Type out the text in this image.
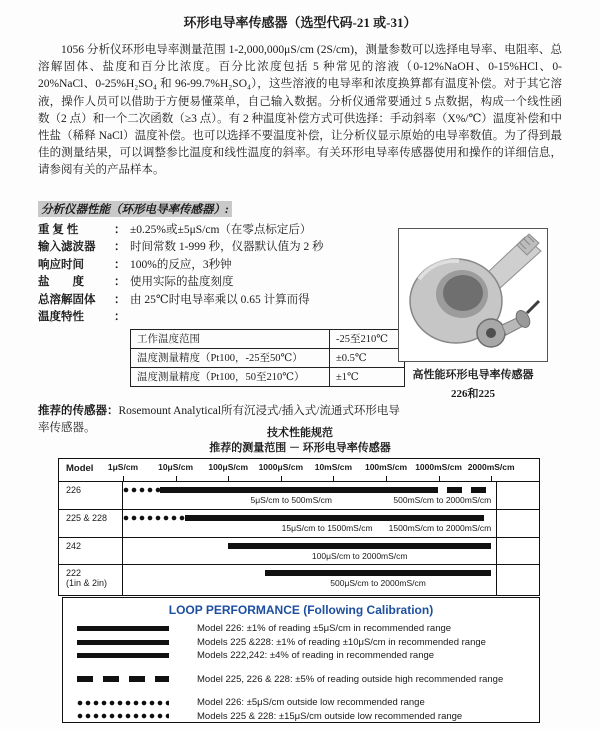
环形电导率传感器（选型代码-21 或-31）

1056 分析仪环形电导率测量范围 1-2,000,000μS/cm (2S/cm)，测量参数可以选择电导率、电阻率、总溶解固体、盐度和百分比浓度。百分比浓度包括 5 种常见的溶液（0-12%NaOH、0-15%HCl、0-20%NaCl、0-25%H₂SO₄ 和 96-99.7%H₂SO₄），这些溶液的电导率和浓度换算都有温度补偿。对于其它溶液，操作人员可以借助于方便易懂菜单，自己输入数据。分析仪通常要通过 5 点数据，构成一个线性函数（2 点）和一个二次函数（≥3 点）。有 2 种温度补偿方式可供选择：手动斜率（X%/℃）温度补偿和中性盐（稀释 NaCl）温度补偿。也可以选择不要温度补偿，让分析仪显示原始的电导率数值。为了得到最佳的测量结果，可以调整参比温度和线性温度的斜率。有关环形电导率传感器使用和操作的详细信息，请参阅有关的产品样本。

分析仪器性能（环形电导率传感器）:
重 复 性	： ±0.25%或±5μS/cm（在零点标定后）
输入滤波器	： 时间常数 1-999 秒，仪器默认值为 2 秒
响应时间	： 100%的反应，3秒钟
盐　　度	： 使用实际的盐度刻度
总溶解固体	： 由 25℃时电导率乘以 0.65 计算而得
温度特性	：
工作温度范围	-25至210℃
温度测量精度（Pt100，-25至50℃）	±0.5℃
温度测量精度（Pt100，50至210℃）	±1℃

推荐的传感器：Rosemount Analytical所有沉浸式/插入式/流通式环形电导率传感器。

高性能环形电导率传感器
226和225
技术性能规范
推荐的测量范围 － 环形电导率传感器
Model 1μS/cm 10μS/cm 100μS/cm 1000μS/cm 10mS/cm 100mS/cm 1000mS/cm 2000mS/cm
226
5μS/cm to 500mS/cm	500mS/cm to 2000mS/cm
225 & 228
15μS/cm to 1500mS/cm 1500mS/cm to 2000mS/cm
242
100μS/cm to 2000mS/cm
222
(1in & 2in)	500μS/cm to 2000mS/cm
LOOP PERFORMANCE (Following Calibration)
Model 226: ±1% of reading ±5μS/cm in recommended range
Models 225 &228: ±1% of reading ±10μS/cm in recommended range
Models 222,242: ±4% of reading in recommended range
Model 225, 226 & 228: ±5% of reading outside high recommended range
Model 226: ±5μS/cm outside low recommended range
Models 225 & 228: ±15μS/cm outside low recommended range
